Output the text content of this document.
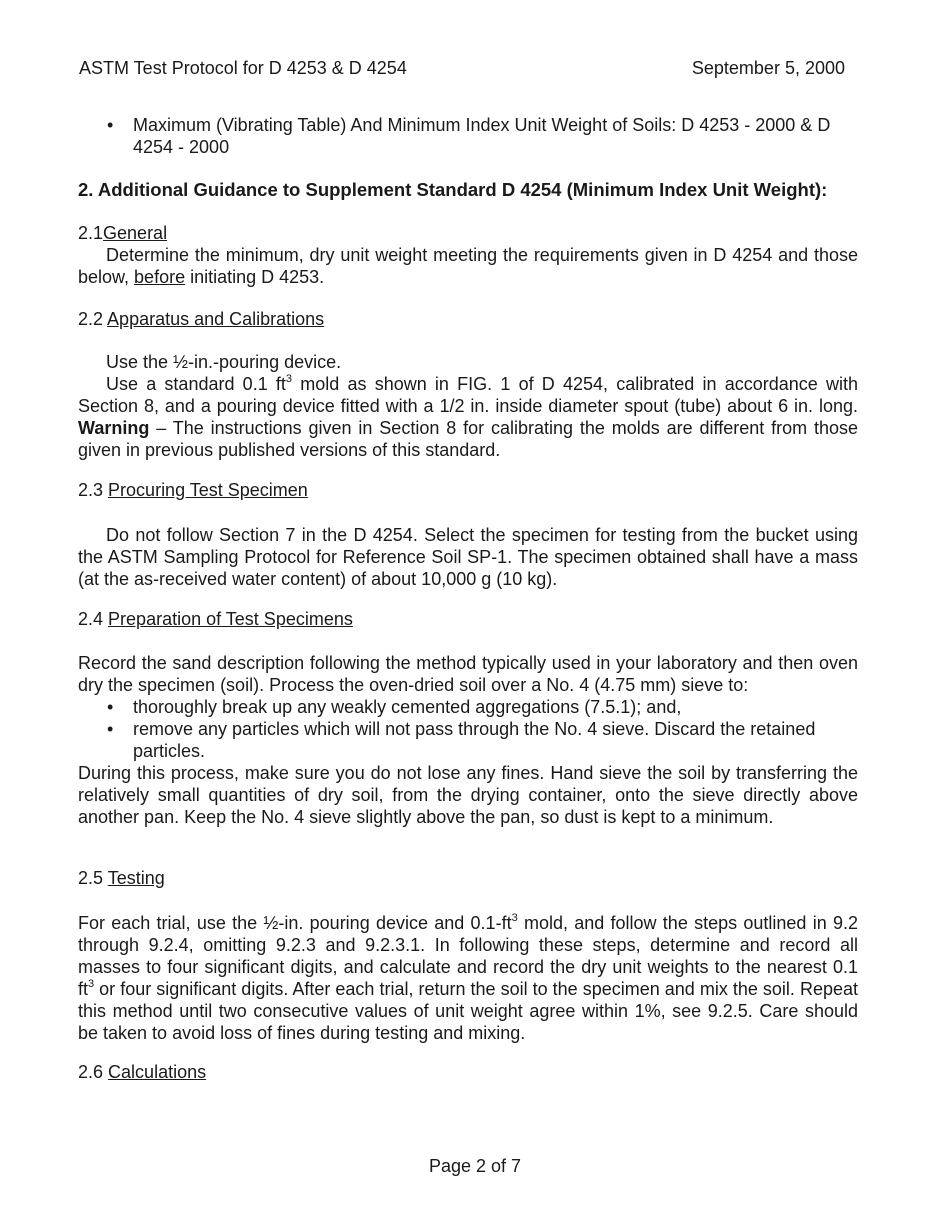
ASTM Test Protocol for D 4253 & D 4254	September 5, 2000
• Maximum (Vibrating Table) And Minimum Index Unit Weight of Soils: D 4253 - 2000 & D 4254 - 2000
2. Additional Guidance to Supplement Standard D 4254 (Minimum Index Unit Weight):
2.1General
Determine the minimum, dry unit weight meeting the requirements given in D 4254 and those below, before initiating D 4253.
2.2 Apparatus and Calibrations
Use the ½-in.-pouring device.
Use a standard 0.1 $ft^3$ mold as shown in FIG. 1 of D 4254, calibrated in accordance with Section 8, and a pouring device fitted with a 1/2 in. inside diameter spout (tube) about 6 in. long. Warning – The instructions given in Section 8 for calibrating the molds are different from those given in previous published versions of this standard.
2.3 Procuring Test Specimen
Do not follow Section 7 in the D 4254. Select the specimen for testing from the bucket using the ASTM Sampling Protocol for Reference Soil SP-1. The specimen obtained shall have a mass (at the as-received water content) of about 10,000 g (10 kg).
2.4 Preparation of Test Specimens
Record the sand description following the method typically used in your laboratory and then oven dry the specimen (soil). Process the oven-dried soil over a No. 4 (4.75 mm) sieve to:
• thoroughly break up any weakly cemented aggregations (7.5.1); and,
• remove any particles which will not pass through the No. 4 sieve. Discard the retained particles.
During this process, make sure you do not lose any fines. Hand sieve the soil by transferring the relatively small quantities of dry soil, from the drying container, onto the sieve directly above another pan. Keep the No. 4 sieve slightly above the pan, so dust is kept to a minimum.
2.5 Testing
For each trial, use the ½-in. pouring device and $0.1-ft^3$ mold, and follow the steps outlined in 9.2 through 9.2.4, omitting 9.2.3 and 9.2.3.1. In following these steps, determine and record all masses to four significant digits, and calculate and record the dry unit weights to the nearest 0.1 $ft^3$ or four significant digits. After each trial, return the soil to the specimen and mix the soil. Repeat this method until two consecutive values of unit weight agree within 1%, see 9.2.5. Care should be taken to avoid loss of fines during testing and mixing.
2.6 Calculations
Page 2 of 7
